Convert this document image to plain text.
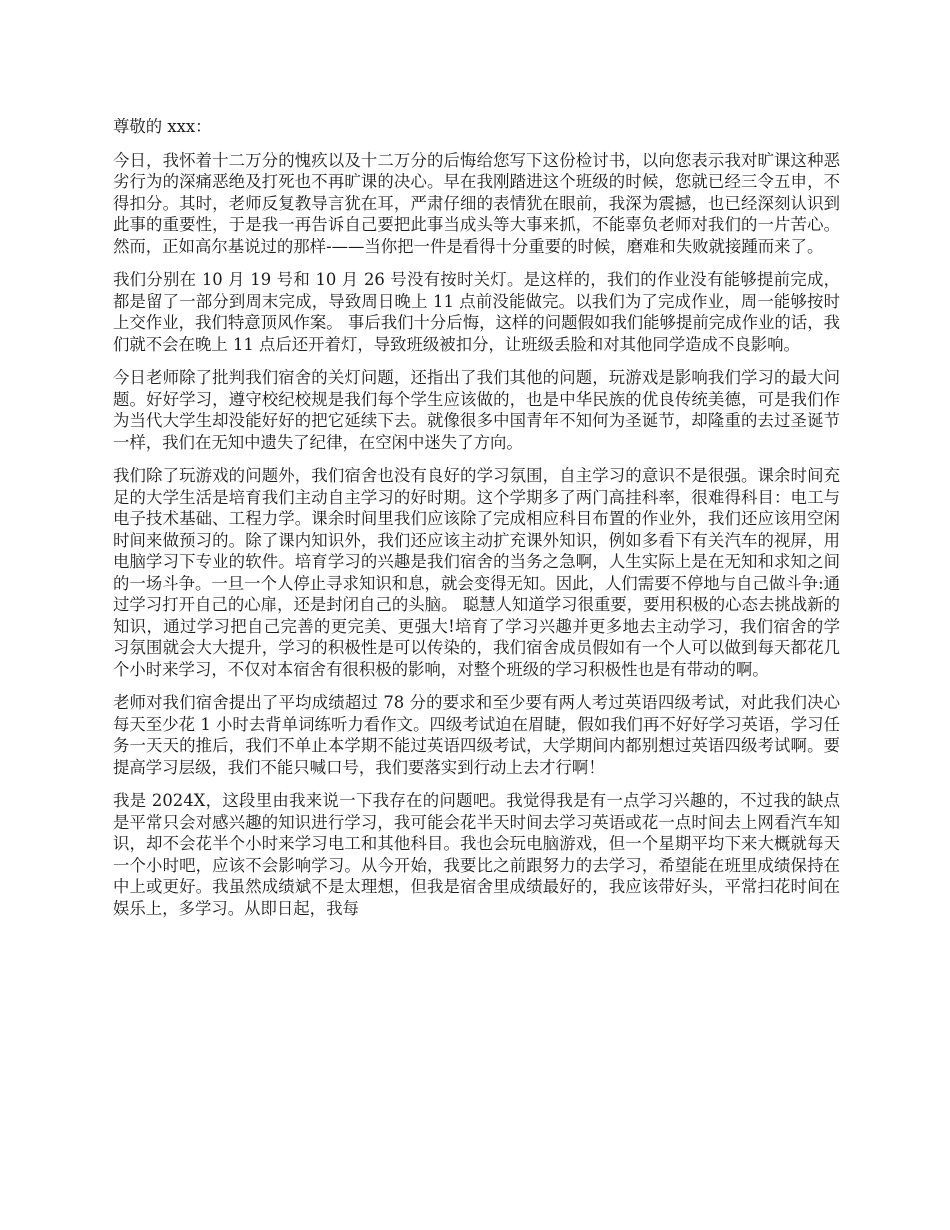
尊敬的 xxx：

今日，我怀着十二万分的愧疚以及十二万分的后悔给您写下这份检讨书，以向您表示我对旷课这种恶劣行为的深痛恶绝及打死也不再旷课的决心。早在我刚踏进这个班级的时候，您就已经三令五申，不得扣分。其时，老师反复教导言犹在耳，严肃仔细的表情犹在眼前，我深为震撼，也已经深刻认识到此事的重要性，于是我一再告诉自己要把此事当成头等大事来抓，不能辜负老师对我们的一片苦心。然而，正如高尔基说过的那样-——当你把一件是看得十分重要的时候，磨难和失败就接踵而来了。

我们分别在 10 月 19 号和 10 月 26 号没有按时关灯。是这样的，我们的作业没有能够提前完成，都是留了一部分到周末完成，导致周日晚上 11 点前没能做完。以我们为了完成作业，周一能够按时上交作业，我们特意顶风作案。 事后我们十分后悔，这样的问题假如我们能够提前完成作业的话，我们就不会在晚上 11 点后还开着灯，导致班级被扣分，让班级丢脸和对其他同学造成不良影响。

今日老师除了批判我们宿舍的关灯问题，还指出了我们其他的问题，玩游戏是影响我们学习的最大问题。好好学习，遵守校纪校规是我们每个学生应该做的，也是中华民族的优良传统美德，可是我们作为当代大学生却没能好好的把它延续下去。就像很多中国青年不知何为圣诞节，却隆重的去过圣诞节一样，我们在无知中遗失了纪律，在空闲中迷失了方向。

我们除了玩游戏的问题外，我们宿舍也没有良好的学习氛围，自主学习的意识不是很强。课余时间充足的大学生活是培育我们主动自主学习的好时期。这个学期多了两门高挂科率，很难得科目：电工与电子技术基础、工程力学。课余时间里我们应该除了完成相应科目布置的作业外，我们还应该用空闲时间来做预习的。除了课内知识外，我们还应该主动扩充课外知识，例如多看下有关汽车的视屏，用电脑学习下专业的软件。培育学习的兴趣是我们宿舍的当务之急啊，人生实际上是在无知和求知之间的一场斗争。一旦一个人停止寻求知识和息，就会变得无知。因此，人们需要不停地与自己做斗争:通过学习打开自己的心扉，还是封闭自己的头脑。 聪慧人知道学习很重要，要用积极的心态去挑战新的知识，通过学习把自己完善的更完美、更强大!培育了学习兴趣并更多地去主动学习，我们宿舍的学习氛围就会大大提升，学习的积极性是可以传染的，我们宿舍成员假如有一个人可以做到每天都花几个小时来学习，不仅对本宿舍有很积极的影响，对整个班级的学习积极性也是有带动的啊。

老师对我们宿舍提出了平均成绩超过 78 分的要求和至少要有两人考过英语四级考试，对此我们决心每天至少花 1 小时去背单词练听力看作文。四级考试迫在眉睫，假如我们再不好好学习英语，学习任务一天天的推后，我们不单止本学期不能过英语四级考试，大学期间内都别想过英语四级考试啊。要提高学习层级，我们不能只喊口号，我们要落实到行动上去才行啊！

我是 2024X，这段里由我来说一下我存在的问题吧。我觉得我是有一点学习兴趣的，不过我的缺点是平常只会对感兴趣的知识进行学习，我可能会花半天时间去学习英语或花一点时间去上网看汽车知识，却不会花半个小时来学习电工和其他科目。我也会玩电脑游戏，但一个星期平均下来大概就每天一个小时吧，应该不会影响学习。从今开始，我要比之前跟努力的去学习，希望能在班里成绩保持在中上或更好。我虽然成绩斌不是太理想，但我是宿舍里成绩最好的，我应该带好头，平常扫花时间在娱乐上，多学习。从即日起，我每
